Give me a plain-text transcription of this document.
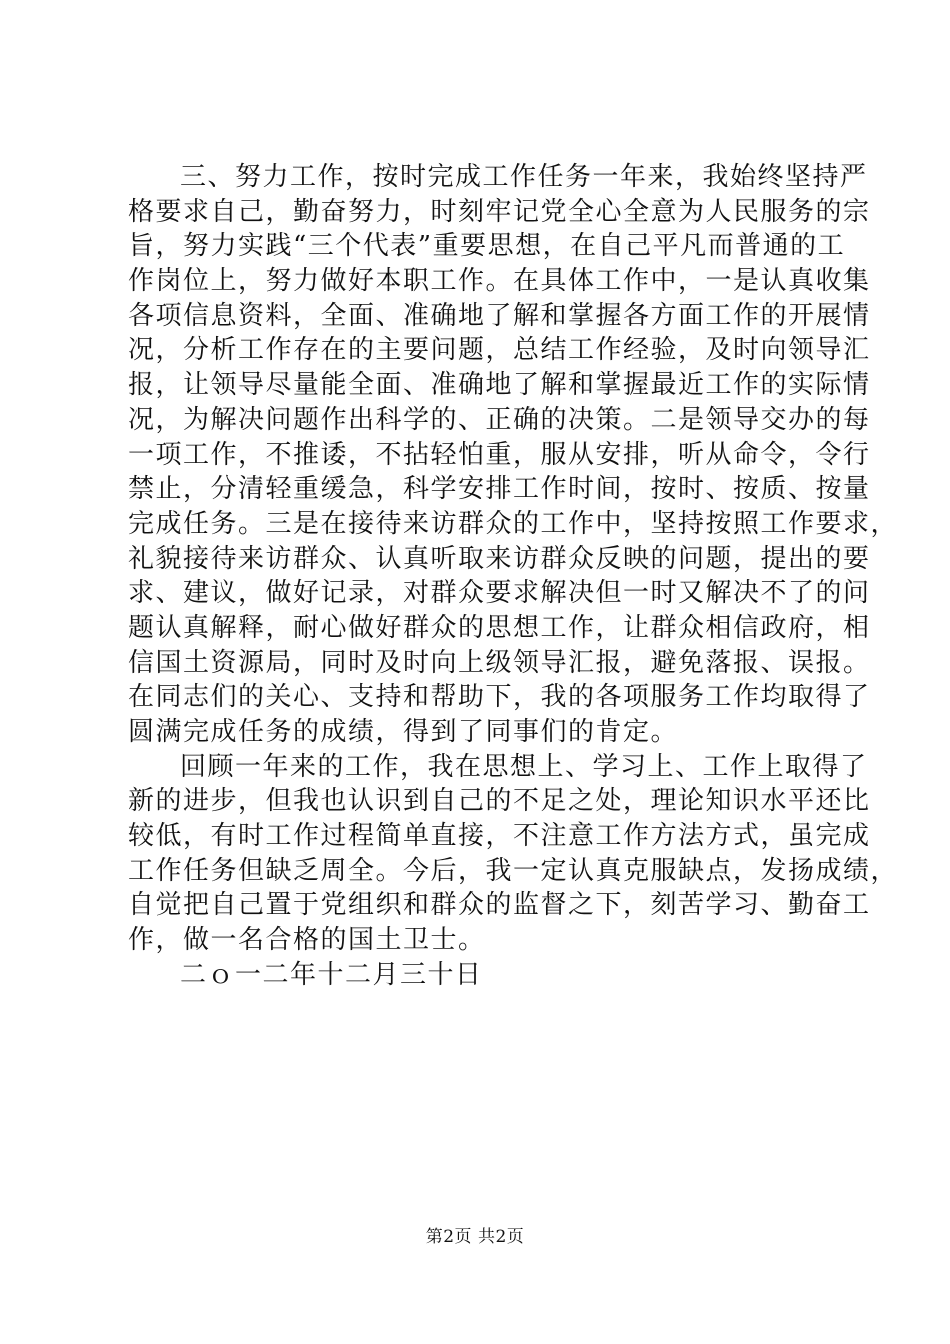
三、努力工作，按时完成工作任务一年来，我始终坚持严
格要求自己，勤奋努力，时刻牢记党全心全意为人民服务的宗
旨，努力实践“三个代表”重要思想，在自己平凡而普通的工
作岗位上，努力做好本职工作。在具体工作中，一是认真收集
各项信息资料，全面、准确地了解和掌握各方面工作的开展情
况，分析工作存在的主要问题，总结工作经验，及时向领导汇
报，让领导尽量能全面、准确地了解和掌握最近工作的实际情
况，为解决问题作出科学的、正确的决策。二是领导交办的每
一项工作，不推诿，不拈轻怕重，服从安排，听从命令，令行
禁止，分清轻重缓急，科学安排工作时间，按时、按质、按量
完成任务。三是在接待来访群众的工作中，坚持按照工作要求，
礼貌接待来访群众、认真听取来访群众反映的问题，提出的要
求、建议，做好记录，对群众要求解决但一时又解决不了的问
题认真解释，耐心做好群众的思想工作，让群众相信政府，相
信国土资源局，同时及时向上级领导汇报，避免落报、误报。
在同志们的关心、支持和帮助下，我的各项服务工作均取得了
圆满完成任务的成绩，得到了同事们的肯定。
回顾一年来的工作，我在思想上、学习上、工作上取得了
新的进步，但我也认识到自己的不足之处，理论知识水平还比
较低，有时工作过程简单直接，不注意工作方法方式，虽完成
工作任务但缺乏周全。今后，我一定认真克服缺点，发扬成绩，
自觉把自己置于党组织和群众的监督之下，刻苦学习、勤奋工
作，做一名合格的国土卫士。
二ｏ一二年十二月三十日
第2页 共2页
